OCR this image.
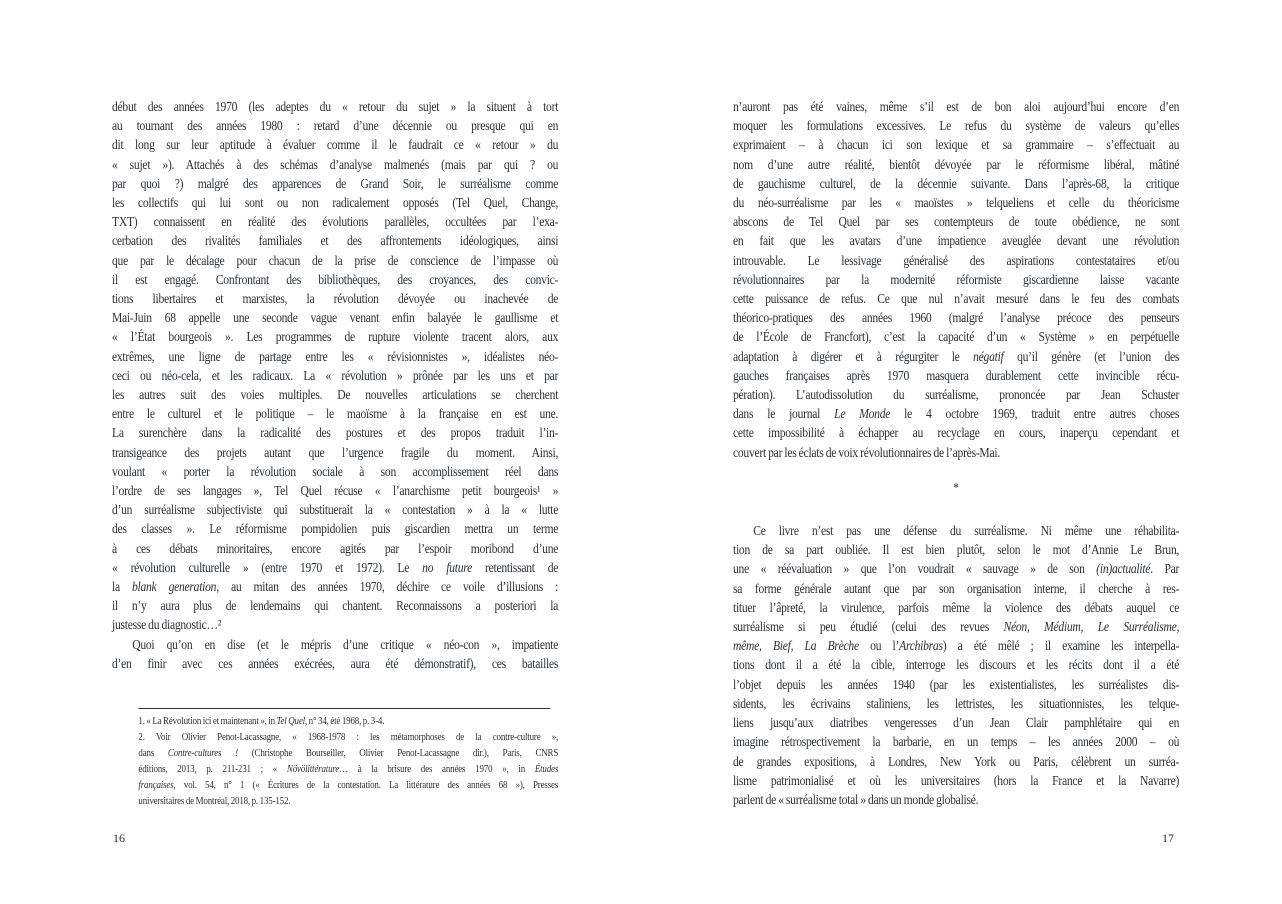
début des années 1970 (les adeptes du « retour du sujet » la situent à tort
au tournant des années 1980 : retard d’une décennie ou presque qui en
dit long sur leur aptitude à évaluer comme il le faudrait ce « retour » du
« sujet »). Attachés à des schémas d’analyse malmenés (mais par qui ? ou
par quoi ?) malgré des apparences de Grand Soir, le surréalisme comme
les collectifs qui lui sont ou non radicalement opposés (Tel Quel, Change,
TXT) connaissent en réalité des évolutions parallèles, occultées par l’exa-
cerbation des rivalités familiales et des affrontements idéologiques, ainsi
que par le décalage pour chacun de la prise de conscience de l’impasse où
il est engagé. Confrontant des bibliothèques, des croyances, des convic-
tions libertaires et marxistes, la révolution dévoyée ou inachevée de
Mai-Juin 68 appelle une seconde vague venant enfin balayée le gaullisme et
« l’État bourgeois ». Les programmes de rupture violente tracent alors, aux
extrêmes, une ligne de partage entre les « révisionnistes », idéalistes néo-
ceci ou néo-cela, et les radicaux. La « révolution » prônée par les uns et par
les autres suit des voies multiples. De nouvelles articulations se cherchent
entre le culturel et le politique – le maoïsme à la française en est une.
La surenchère dans la radicalité des postures et des propos traduit l’in-
transigeance des projets autant que l’urgence fragile du moment. Ainsi,
voulant « porter la révolution sociale à son accomplissement réel dans
l’ordre de ses langages », Tel Quel récuse « l’anarchisme petit bourgeois¹ »
d’un surréalisme subjectiviste qui substituerait la « contestation » à la « lutte
des classes ». Le réformisme pompidolien puis giscardien mettra un terme
à ces débats minoritaires, encore agités par l’espoir moribond d’une
« révolution culturelle » (entre 1970 et 1972). Le no future retentissant de
la blank generation, au mitan des années 1970, déchire ce voile d’illusions :
il n’y aura plus de lendemains qui chantent. Reconnaissons a posteriori la
justesse du diagnostic…²
Quoi qu’on en dise (et le mépris d’une critique « néo-con », impatiente
d’en finir avec ces années exécrées, aura été démonstratif), ces batailles
1. « La Révolution ici et maintenant », in Tel Quel, n° 34, été 1968, p. 3-4.
2. Voir Olivier Penot-Lacassagne, « 1968-1978 : les métamorphoses de la contre-culture »,
dans Contre-cultures ! (Christophe Bourseiller, Olivier Penot-Lacassagne dir.), Paris, CNRS
éditions, 2013, p. 211-231 ; « Növölittérature… à la brisure des années 1970 », in Études
françaises, vol. 54, n° 1 (« Écritures de la contestation. La littérature des années 68 »), Presses
universitaires de Montréal, 2018, p. 135-152.
n’auront pas été vaines, même s’il est de bon aloi aujourd’hui encore d’en
moquer les formulations excessives. Le refus du système de valeurs qu’elles
exprimaient – à chacun ici son lexique et sa grammaire – s’effectuait au
nom d’une autre réalité, bientôt dévoyée par le réformisme libéral, mâtiné
de gauchisme culturel, de la décennie suivante. Dans l’après-68, la critique
du néo-surréalisme par les « maoïstes » telqueliens et celle du théoricisme
abscons de Tel Quel par ses contempteurs de toute obédience, ne sont
en fait que les avatars d’une impatience aveuglée devant une révolution
introuvable. Le lessivage généralisé des aspirations contestataires et/ou
révolutionnaires par la modernité réformiste giscardienne laisse vacante
cette puissance de refus. Ce que nul n’avait mesuré dans le feu des combats
théorico-pratiques des années 1960 (malgré l’analyse précoce des penseurs
de l’École de Francfort), c’est la capacité d’un « Système » en perpétuelle
adaptation à digérer et à régurgiter le négatif qu’il génère (et l’union des
gauches françaises après 1970 masquera durablement cette invincible récu-
pération). L’autodissolution du surréalisme, prononcée par Jean Schuster
dans le journal Le Monde le 4 octobre 1969, traduit entre autres choses
cette impossibilité à échapper au recyclage en cours, inaperçu cependant et
couvert par les éclats de voix révolutionnaires de l’après-Mai.
*
Ce livre n’est pas une défense du surréalisme. Ni même une réhabilita-
tion de sa part oubliée. Il est bien plutôt, selon le mot d’Annie Le Brun,
une « réévaluation » que l’on voudrait « sauvage » de son (in)actualité. Par
sa forme générale autant que par son organisation interne, il cherche à res-
tituer l’âpreté, la virulence, parfois même la violence des débats auquel ce
surréalisme si peu étudié (celui des revues Néon, Médium, Le Surréalisme,
même, Bief, La Brèche ou l’Archibras) a été mêlé ; il examine les interpella-
tions dont il a été la cible, interroge les discours et les récits dont il a été
l’objet depuis les années 1940 (par les existentialistes, les surréalistes dis-
sidents, les écrivains staliniens, les lettristes, les situationnistes, les telque-
liens jusqu’aux diatribes vengeresses d’un Jean Clair pamphlétaire qui en
imagine rétrospectivement la barbarie, en un temps – les années 2000 – où
de grandes expositions, à Londres, New York ou Paris, célèbrent un surréa-
lisme patrimonialisé et où les universitaires (hors la France et la Navarre)
parlent de « surréalisme total » dans un monde globalisé.
16	17
